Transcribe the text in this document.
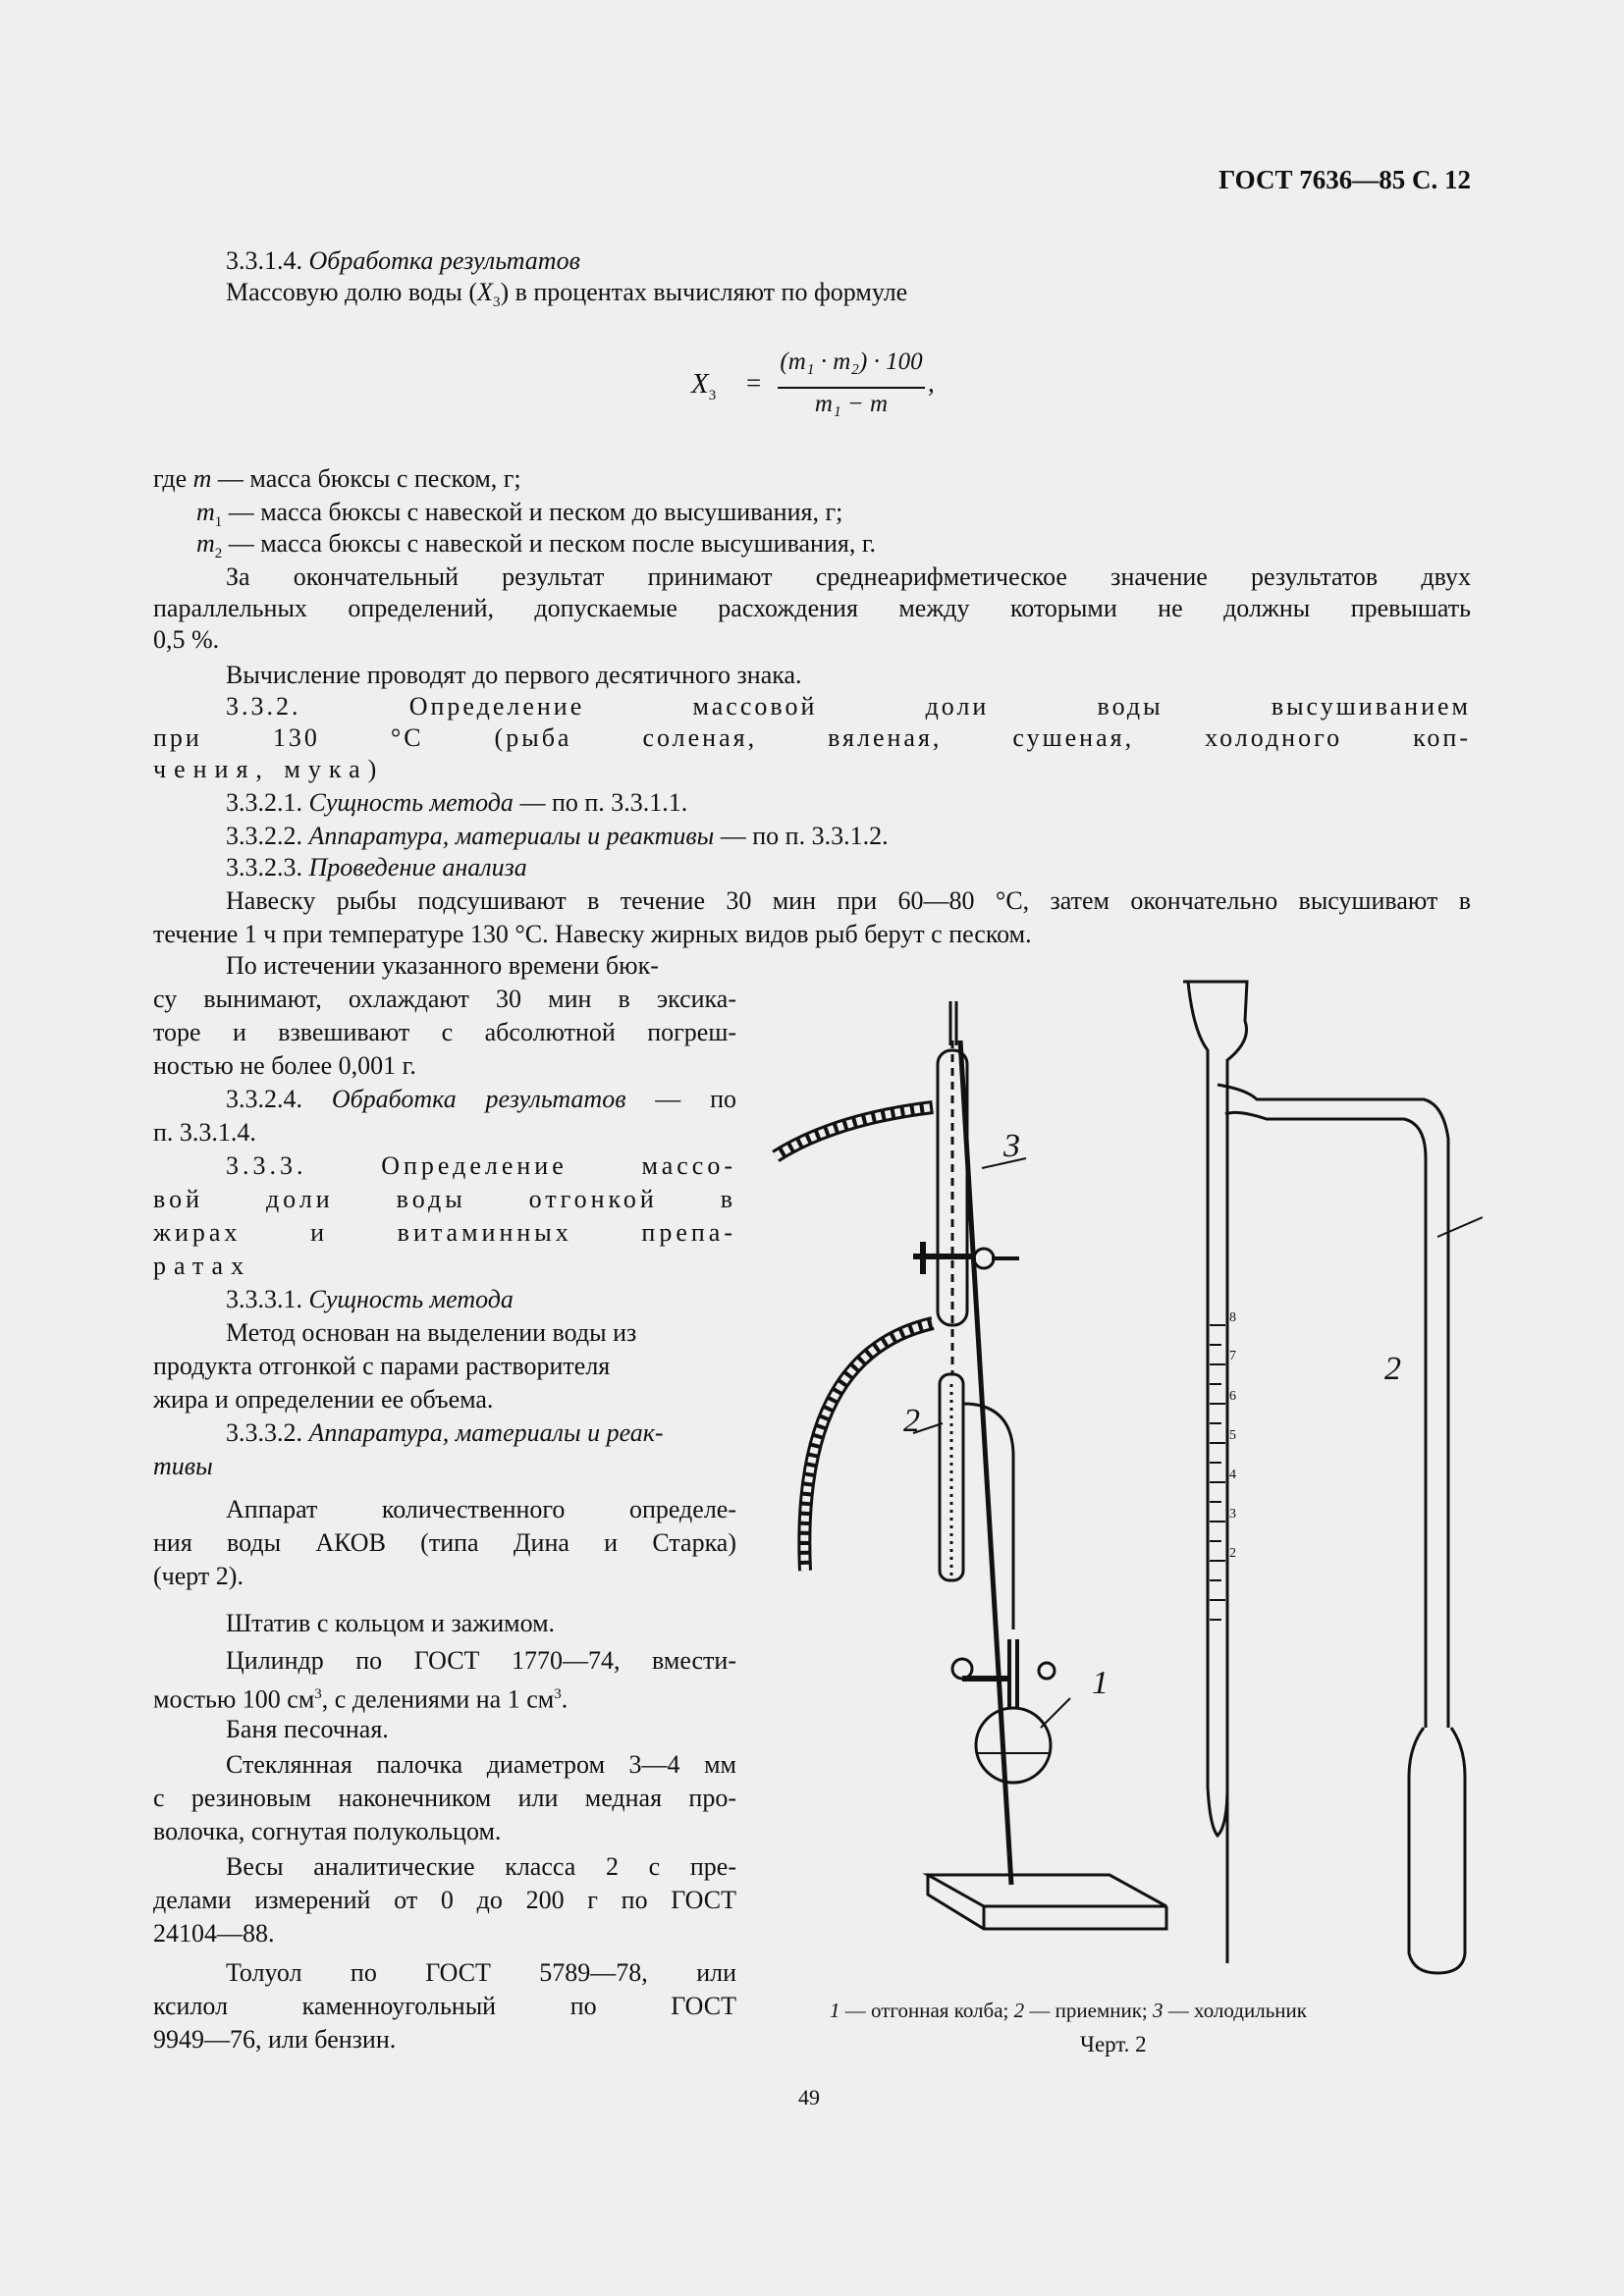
ГОСТ 7636—85 С. 12
3.3.1.4. Обработка результатов
Массовую долю воды $(X_3)$ в процентах вычисляют по формуле
$X_3$ =
(m₁ · m₂) · 100
m₁ − m
,
где m — масса бюксы с песком, г;
$m_1$ — масса бюксы с навеской и песком до высушивания, г;
$m_2$ — масса бюксы с навеской и песком после высушивания, г.
За окончательный результат принимают среднеарифметическое значение результатов двух
параллельных определений, допускаемые расхождения между которыми не должны превышать
0,5 %.
Вычисление проводят до первого десятичного знака.
3.3.2. Определение массовой доли воды высушиванием
при 130 °С (рыба соленая, вяленая, сушеная, холодного коп-
чения, мука)
3.3.2.1. Сущность метода — по п. 3.3.1.1.
3.3.2.2. Аппаратура, материалы и реактивы — по п. 3.3.1.2.
3.3.2.3. Проведение анализа
Навеску рыбы подсушивают в течение 30 мин при 60—80 °С, затем окончательно высушивают в
течение 1 ч при температуре 130 °С. Навеску жирных видов рыб берут с песком.
По истечении указанного времени бюк-
су вынимают, охлаждают 30 мин в эксика-
торе и взвешивают с абсолютной погреш-
ностью не более 0,001 г.
3.3.2.4. Обработка результатов — по
п. 3.3.1.4.
3.3.3. Определение массо-
вой доли воды отгонкой в
жирах и витаминных препа-
ратах
3.3.3.1. Сущность метода
Метод основан на выделении воды из
продукта отгонкой с парами растворителя
жира и определении ее объема.
3.3.3.2. Аппаратура, материалы и реак-
тивы
Аппарат количественного определе-
ния воды АКОВ (типа Дина и Старка)
(черт 2).
Штатив с кольцом и зажимом.
Цилиндр по ГОСТ 1770—74, вмести-
мостью 100 $см^3$, с делениями на 1 $см^3$.
Баня песочная.
Стеклянная палочка диаметром 3—4 мм
с резиновым наконечником или медная про-
волочка, согнутая полукольцом.
Весы аналитические класса 2 с пре-
делами измерений от 0 до 200 г по ГОСТ
24104—88.
Толуол по ГОСТ 5789—78, или
ксилол каменноугольный по ГОСТ
9949—76, или бензин.
8
7
6
5
4
3
2
3
2
1
2
1 — отгонная колба; 2 — приемник; 3 — холодильник
Черт. 2
49
